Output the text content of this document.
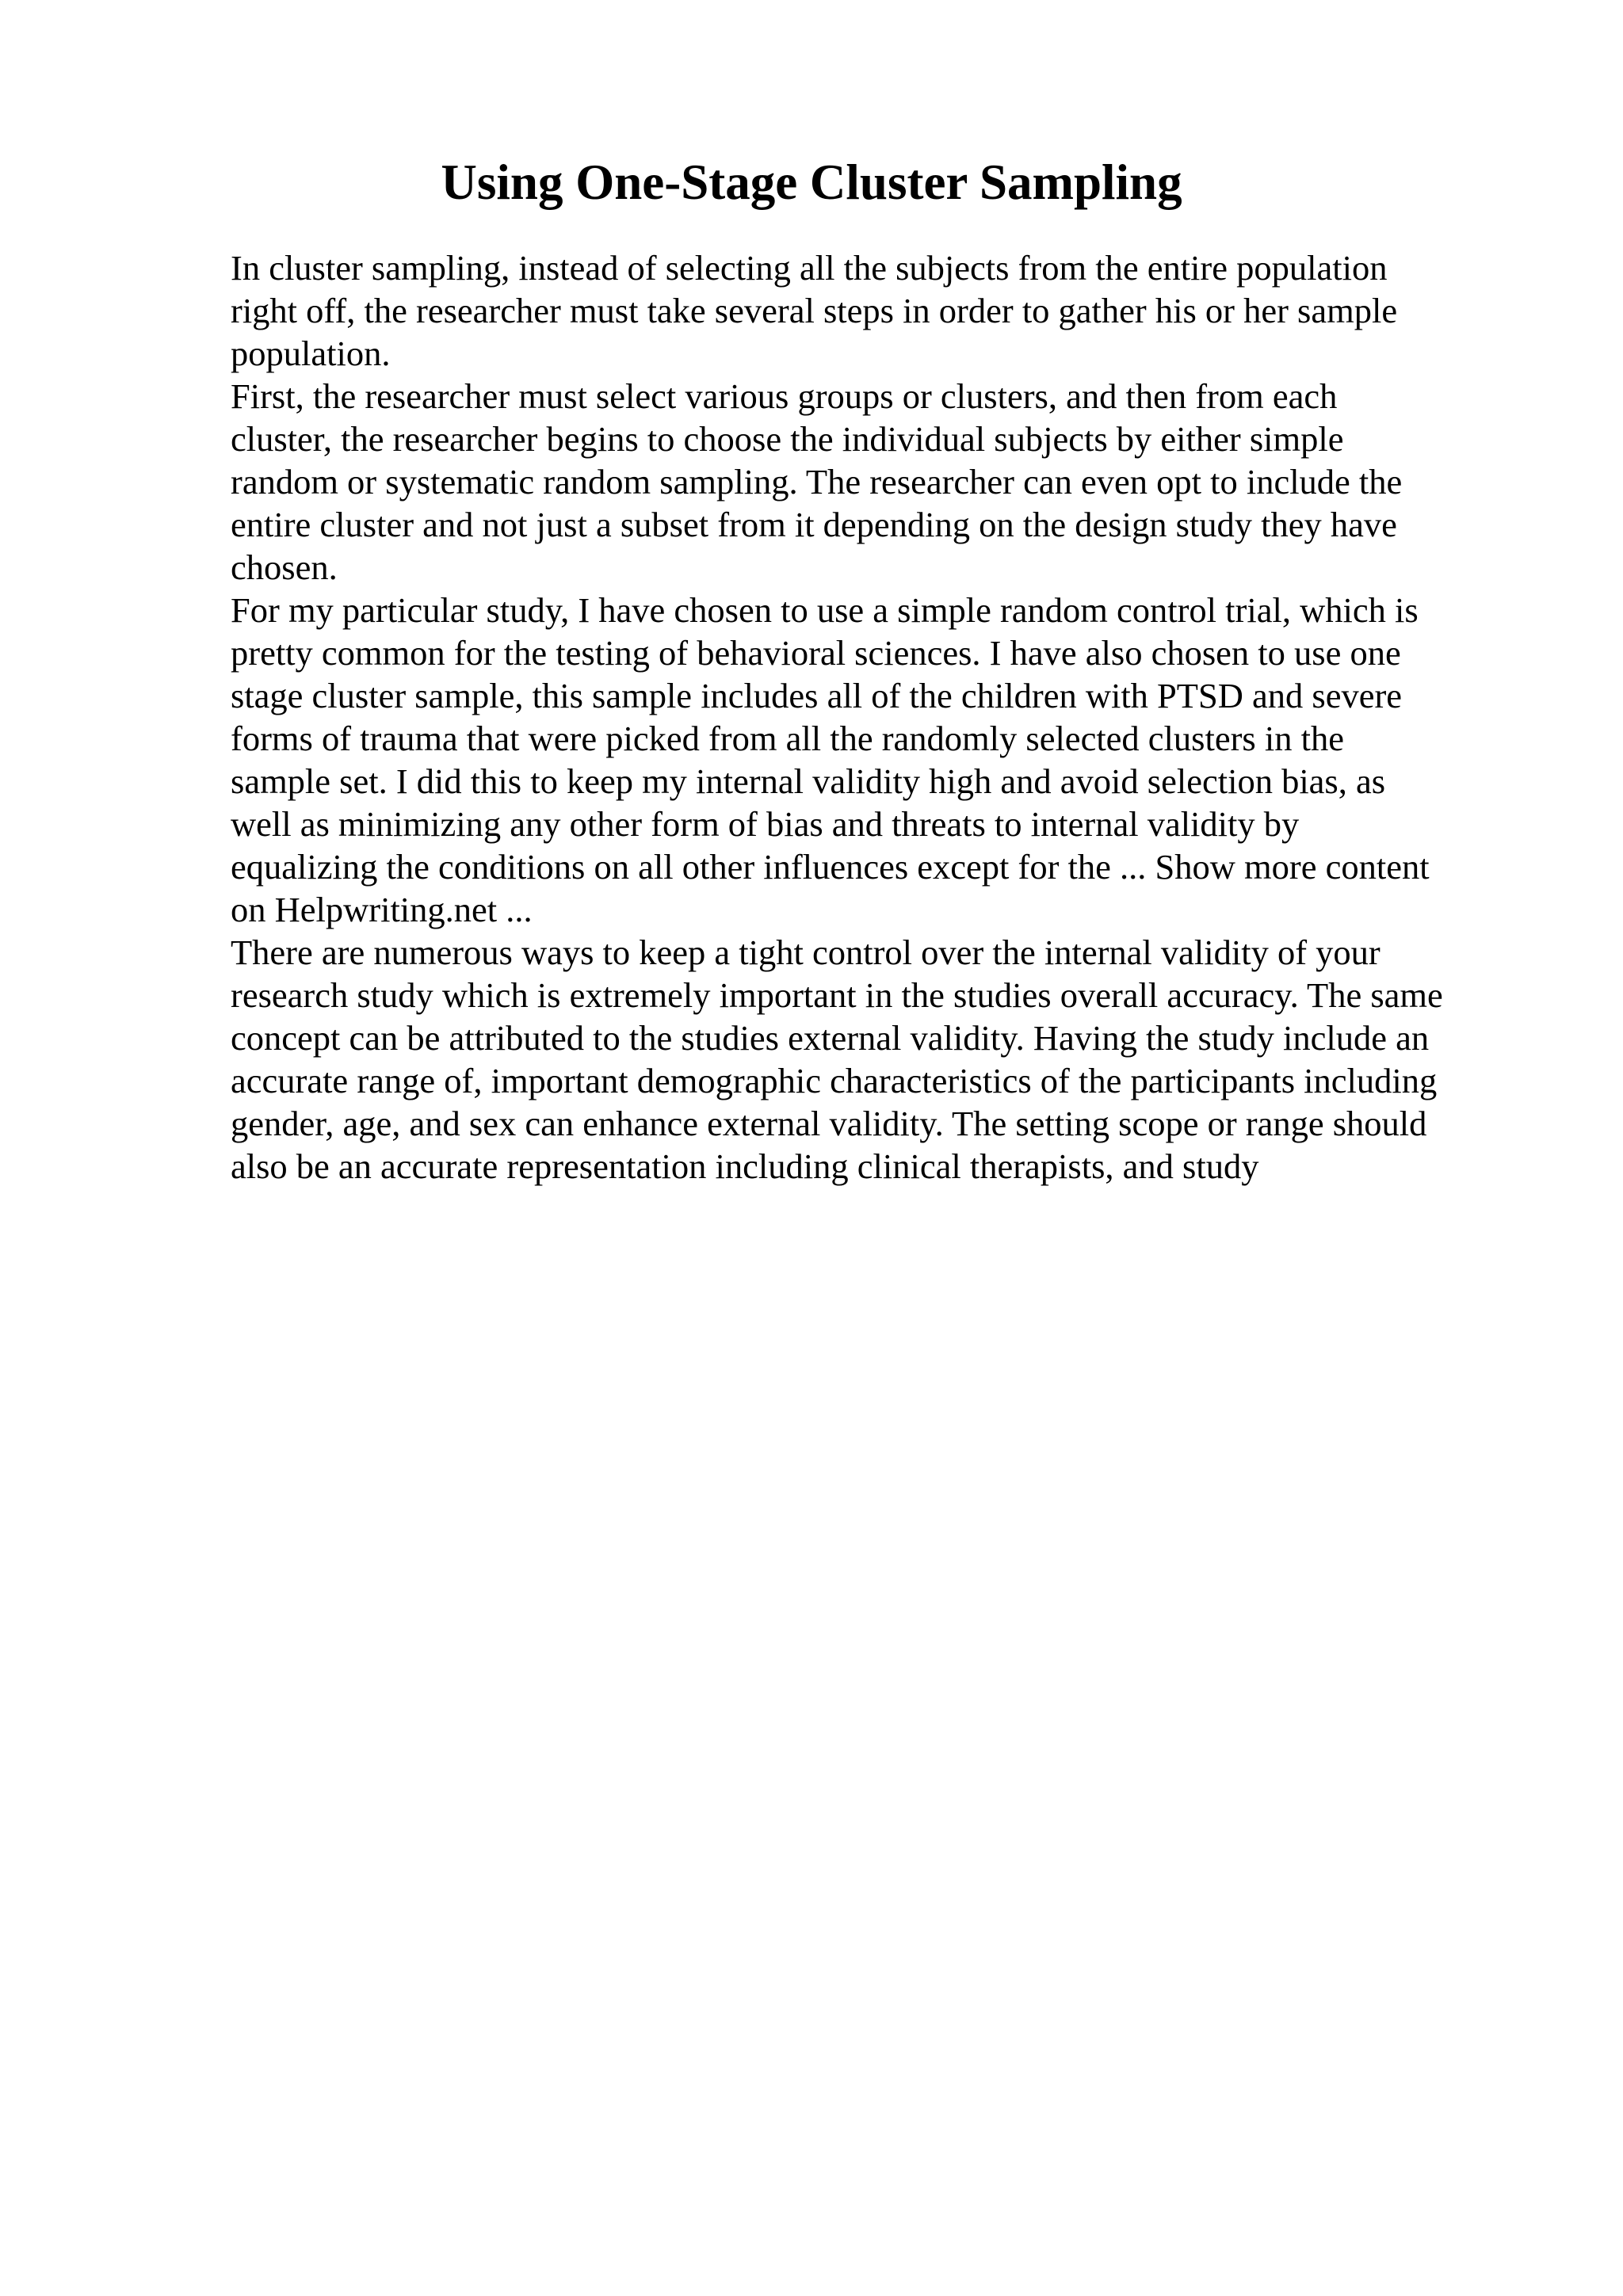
Using One-Stage Cluster Sampling
In cluster sampling, instead of selecting all the subjects from the entire population
right off, the researcher must take several steps in order to gather his or her sample
population.
First, the researcher must select various groups or clusters, and then from each
cluster, the researcher begins to choose the individual subjects by either simple
random or systematic random sampling. The researcher can even opt to include the
entire cluster and not just a subset from it depending on the design study they have
chosen.
For my particular study, I have chosen to use a simple random control trial, which is
pretty common for the testing of behavioral sciences. I have also chosen to use one
stage cluster sample, this sample includes all of the children with PTSD and severe
forms of trauma that were picked from all the randomly selected clusters in the
sample set. I did this to keep my internal validity high and avoid selection bias, as
well as minimizing any other form of bias and threats to internal validity by
equalizing the conditions on all other influences except for the ... Show more content
on Helpwriting.net ...
There are numerous ways to keep a tight control over the internal validity of your
research study which is extremely important in the studies overall accuracy. The same
concept can be attributed to the studies external validity. Having the study include an
accurate range of, important demographic characteristics of the participants including
gender, age, and sex can enhance external validity. The setting scope or range should
also be an accurate representation including clinical therapists, and study
